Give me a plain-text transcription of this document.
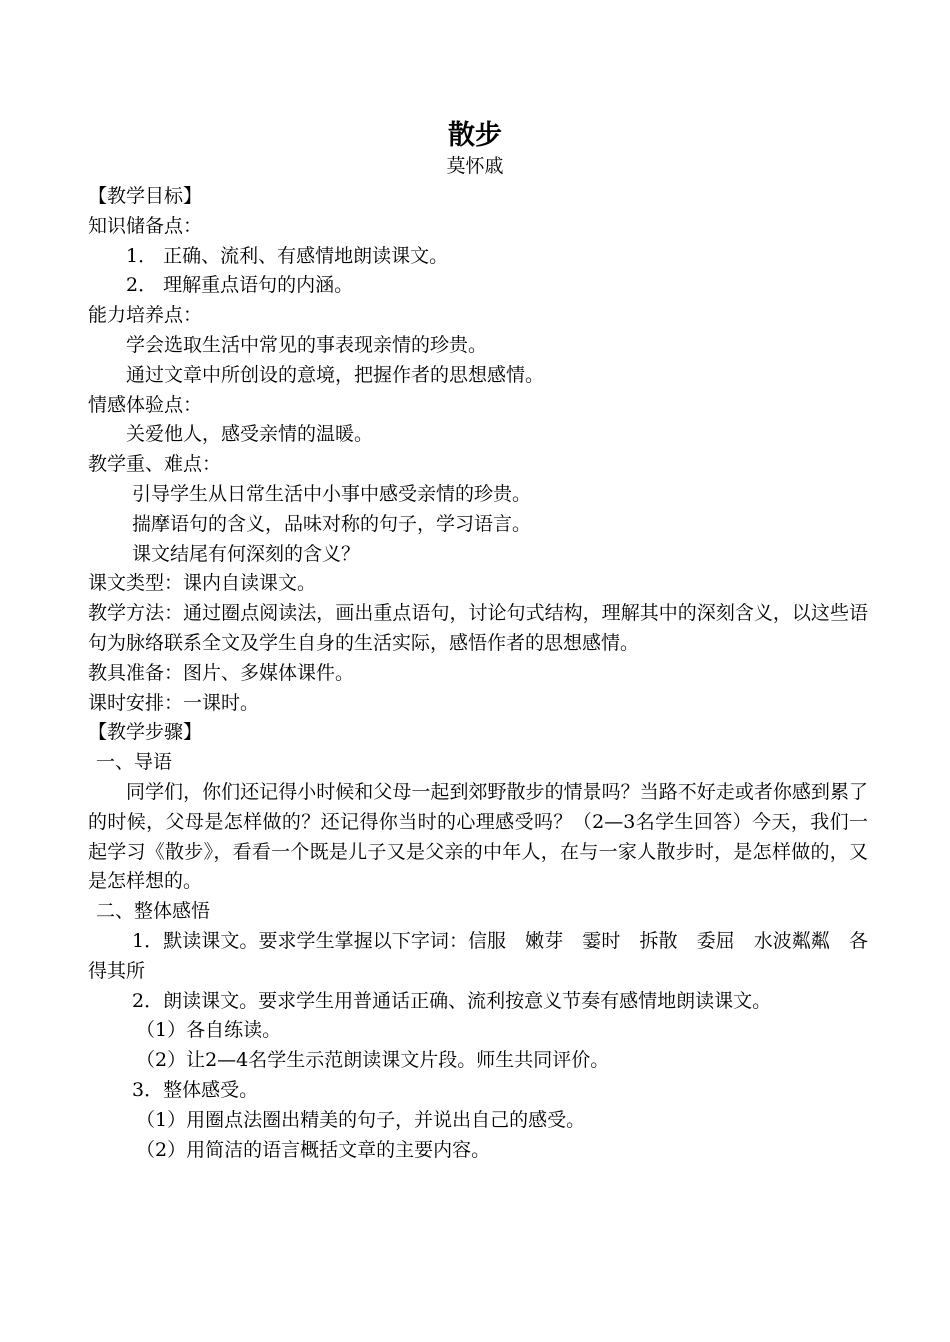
散步
莫怀戚
【教学目标】
知识储备点：
1． 正确、流利、有感情地朗读课文。
2． 理解重点语句的内涵。
能力培养点：
学会选取生活中常见的事表现亲情的珍贵。
通过文章中所创设的意境，把握作者的思想感情。
情感体验点：
关爱他人，感受亲情的温暖。
教学重、难点：
引导学生从日常生活中小事中感受亲情的珍贵。
揣摩语句的含义，品味对称的句子，学习语言。
课文结尾有何深刻的含义？
课文类型：课内自读课文。
教学方法：通过圈点阅读法，画出重点语句，讨论句式结构，理解其中的深刻含义，以这些语句为脉络联系全文及学生自身的生活实际，感悟作者的思想感情。
教具准备：图片、多媒体课件。
课时安排：一课时。
【教学步骤】
一、导语
同学们，你们还记得小时候和父母一起到郊野散步的情景吗？当路不好走或者你感到累了的时候，父母是怎样做的？还记得你当时的心理感受吗？（2—3名学生回答）今天，我们一起学习《散步》，看看一个既是儿子又是父亲的中年人，在与一家人散步时，是怎样做的，又是怎样想的。
二、整体感悟
1．默读课文。要求学生掌握以下字词：信服　嫩芽　霎时　拆散　委屈　水波粼粼　各得其所
2．朗读课文。要求学生用普通话正确、流利按意义节奏有感情地朗读课文。
（1）各自练读。
（2）让2—4名学生示范朗读课文片段。师生共同评价。
3．整体感受。
（1）用圈点法圈出精美的句子，并说出自己的感受。
（2）用简洁的语言概括文章的主要内容。
